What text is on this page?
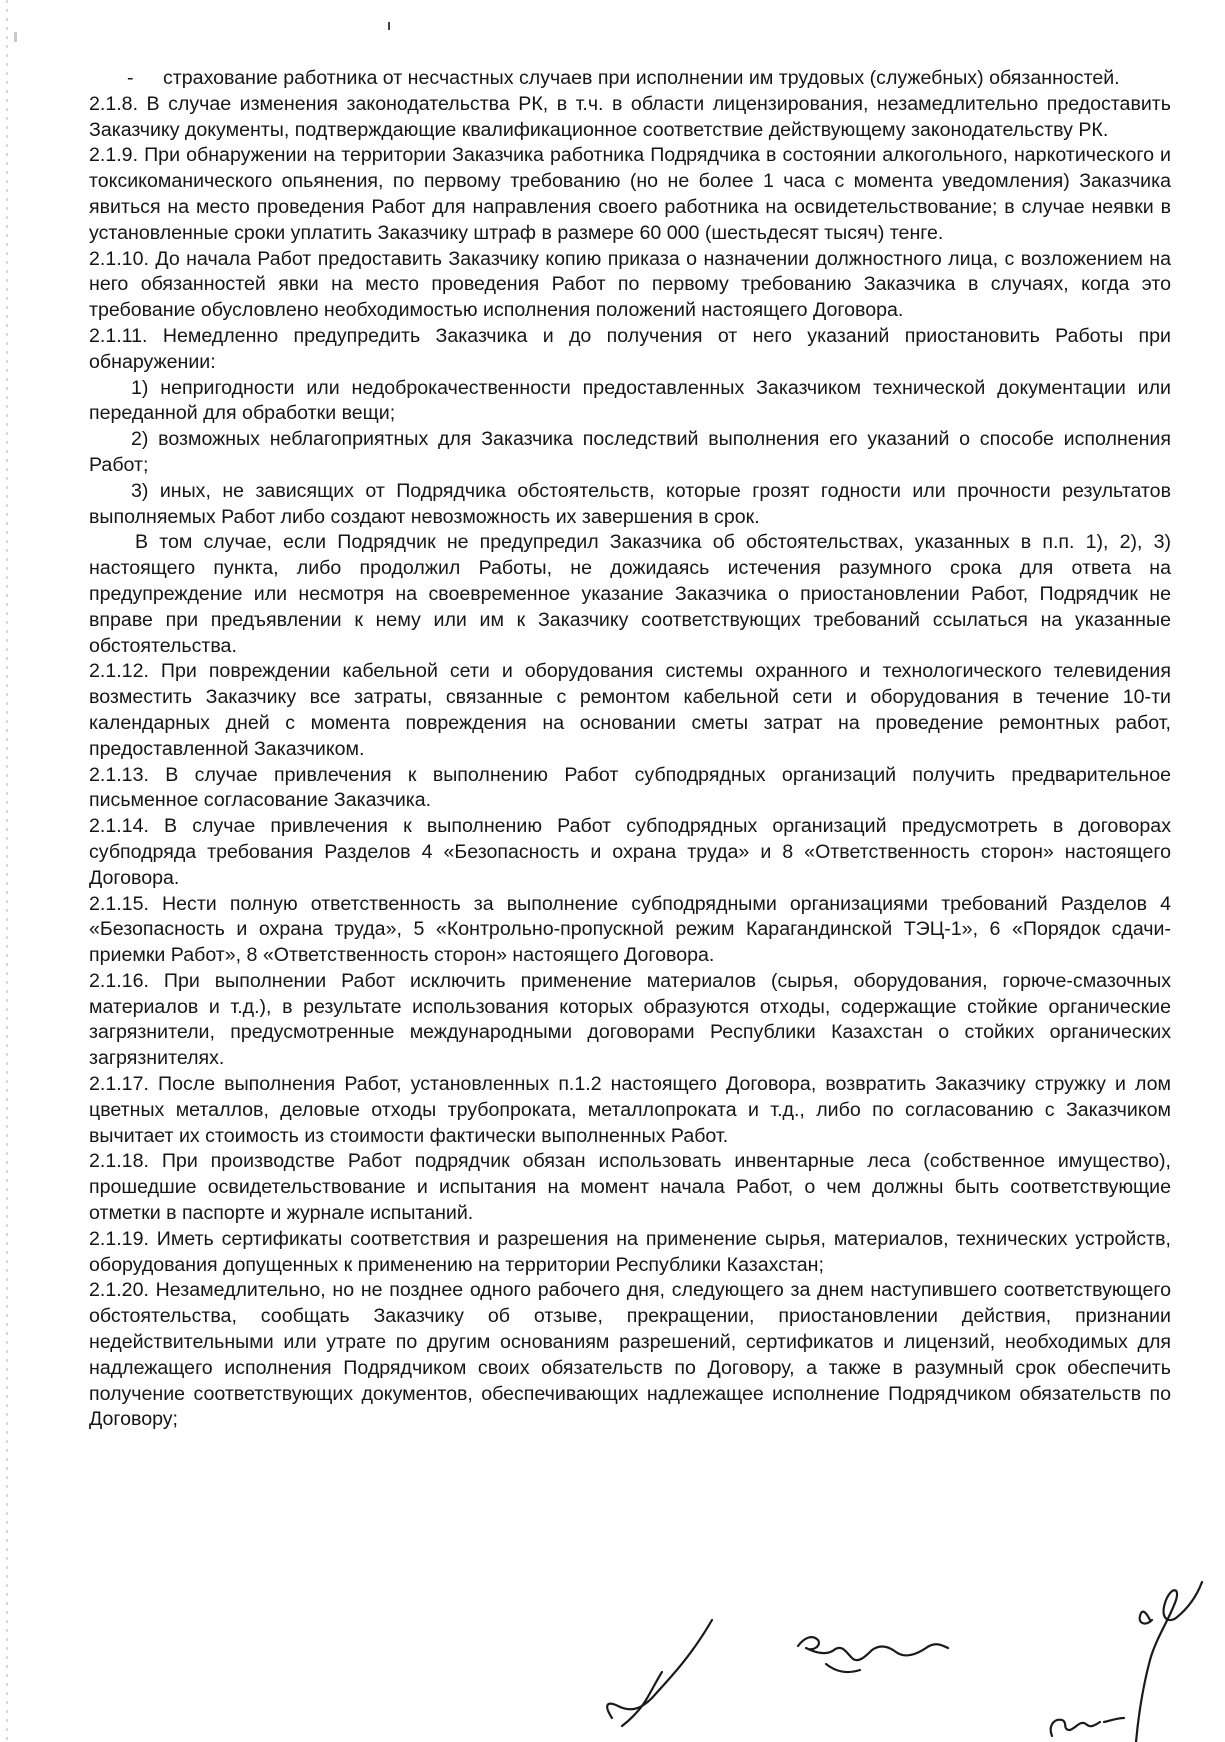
- страхование работника от несчастных случаев при исполнении им трудовых (служебных) обязанностей.

2.1.8. В случае изменения законодательства РК, в т.ч. в области лицензирования, незамедлительно предоставить Заказчику документы, подтверждающие квалификационное соответствие действующему законодательству РК.

2.1.9. При обнаружении на территории Заказчика работника Подрядчика в состоянии алкогольного, наркотического и токсикоманического опьянения, по первому требованию (но не более 1 часа с момента уведомления) Заказчика явиться на место проведения Работ для направления своего работника на освидетельствование; в случае неявки в установленные сроки уплатить Заказчику штраф в размере 60 000 (шестьдесят тысяч) тенге.

2.1.10. До начала Работ предоставить Заказчику копию приказа о назначении должностного лица, с возложением на него обязанностей явки на место проведения Работ по первому требованию Заказчика в случаях, когда это требование обусловлено необходимостью исполнения положений настоящего Договора.

2.1.11. Немедленно предупредить Заказчика и до получения от него указаний приостановить Работы при обнаружении:

1) непригодности или недоброкачественности предоставленных Заказчиком технической документации или переданной для обработки вещи;

2) возможных неблагоприятных для Заказчика последствий выполнения его указаний о способе исполнения Работ;

3) иных, не зависящих от Подрядчика обстоятельств, которые грозят годности или прочности результатов выполняемых Работ либо создают невозможность их завершения в срок.

В том случае, если Подрядчик не предупредил Заказчика об обстоятельствах, указанных в п.п. 1), 2), 3) настоящего пункта, либо продолжил Работы, не дожидаясь истечения разумного срока для ответа на предупреждение или несмотря на своевременное указание Заказчика о приостановлении Работ, Подрядчик не вправе при предъявлении к нему или им к Заказчику соответствующих требований ссылаться на указанные обстоятельства.

2.1.12. При повреждении кабельной сети и оборудования системы охранного и технологического телевидения возместить Заказчику все затраты, связанные с ремонтом кабельной сети и оборудования в течение 10-ти календарных дней с момента повреждения на основании сметы затрат на проведение ремонтных работ, предоставленной Заказчиком.

2.1.13. В случае привлечения к выполнению Работ субподрядных организаций получить предварительное письменное согласование Заказчика.

2.1.14. В случае привлечения к выполнению Работ субподрядных организаций предусмотреть в договорах субподряда требования Разделов 4 «Безопасность и охрана труда» и 8 «Ответственность сторон» настоящего Договора.

2.1.15. Нести полную ответственность за выполнение субподрядными организациями требований Разделов 4 «Безопасность и охрана труда», 5 «Контрольно-пропускной режим Карагандинской ТЭЦ-1», 6 «Порядок сдачи-приемки Работ», 8 «Ответственность сторон» настоящего Договора.

2.1.16. При выполнении Работ исключить применение материалов (сырья, оборудования, горюче-смазочных материалов и т.д.), в результате использования которых образуются отходы, содержащие стойкие органические загрязнители, предусмотренные международными договорами Республики Казахстан о стойких органических загрязнителях.

2.1.17. После выполнения Работ, установленных п.1.2 настоящего Договора, возвратить Заказчику стружку и лом цветных металлов, деловые отходы трубопроката, металлопроката и т.д., либо по согласованию с Заказчиком вычитает их стоимость из стоимости фактически выполненных Работ.

2.1.18. При производстве Работ подрядчик обязан использовать инвентарные леса (собственное имущество), прошедшие освидетельствование и испытания на момент начала Работ, о чем должны быть соответствующие отметки в паспорте и журнале испытаний.

2.1.19. Иметь сертификаты соответствия и разрешения на применение сырья, материалов, технических устройств, оборудования допущенных к применению на территории Республики Казахстан;

2.1.20. Незамедлительно, но не позднее одного рабочего дня, следующего за днем наступившего соответствующего обстоятельства, сообщать Заказчику об отзыве, прекращении, приостановлении действия, признании недействительными или утрате по другим основаниям разрешений, сертификатов и лицензий, необходимых для надлежащего исполнения Подрядчиком своих обязательств по Договору, а также в разумный срок обеспечить получение соответствующих документов, обеспечивающих надлежащее исполнение Подрядчиком обязательств по Договору;
